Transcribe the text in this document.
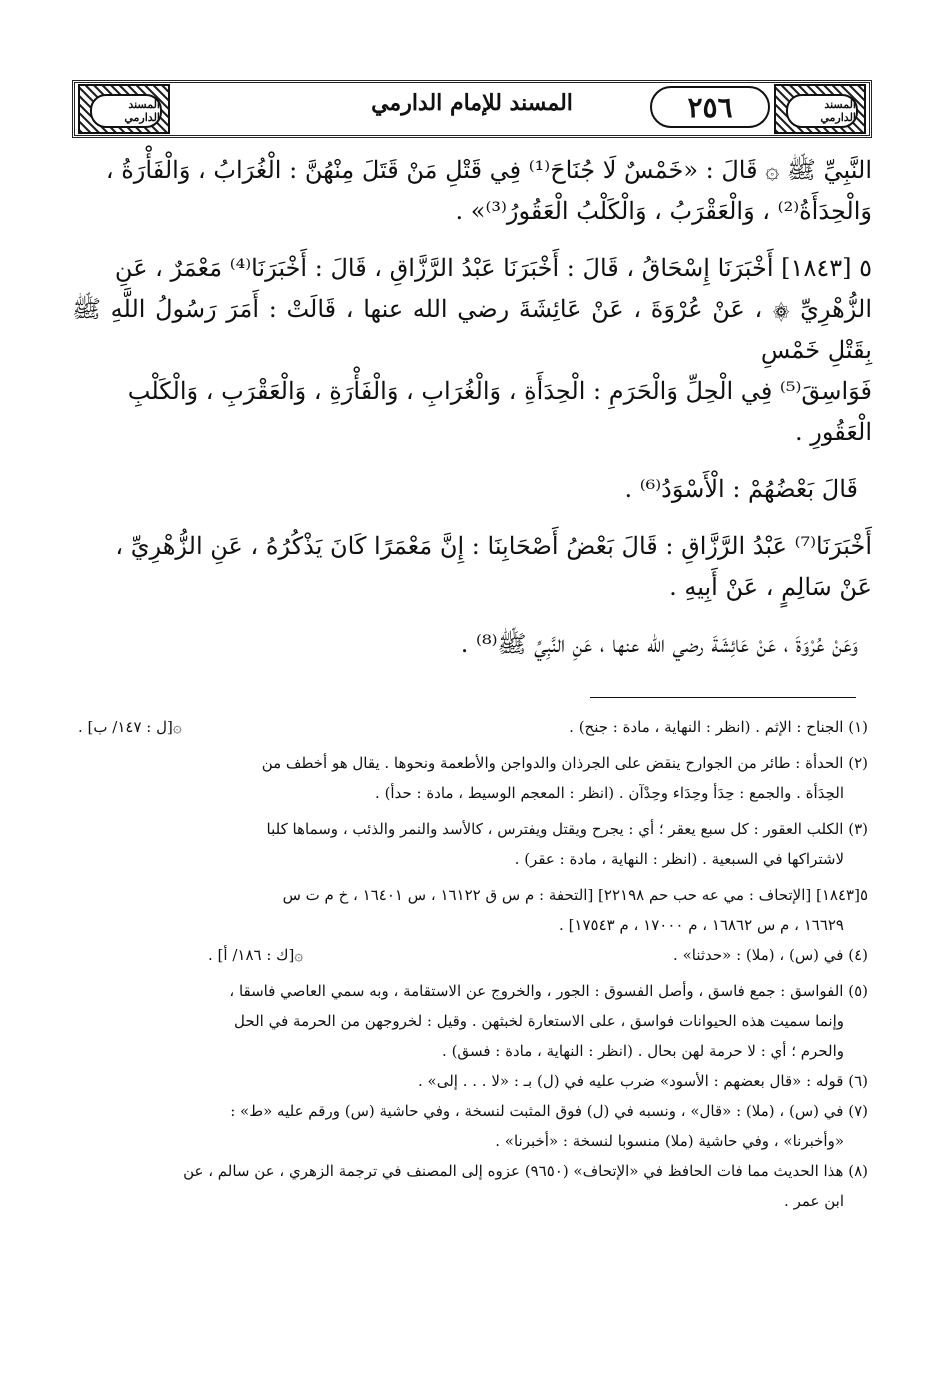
المسند الدارمي
المسند الدارمي
٢٥٦
المسند للإمام الدارمي

النَّبِيِّ ﷺ ۞ قَالَ : «خَمْسٌ لَا جُنَاحَ⁽¹⁾ فِي قَتْلِ مَنْ قَتَلَ مِنْهُنَّ : الْغُرَابُ ، وَالْفَأْرَةُ ،

وَالْحِدَأَةُ⁽²⁾ ، وَالْعَقْرَبُ ، وَالْكَلْبُ الْعَقُورُ⁽³⁾» .

٥ [١٨٤٣] أَخْبَرَنَا إِسْحَاقُ ، قَالَ : أَخْبَرَنَا عَبْدُ الرَّزَّاقِ ، قَالَ : أَخْبَرَنَا⁽⁴⁾ مَعْمَرٌ ، عَنِ

الزُّهْرِيِّ ۞ ، عَنْ عُرْوَةَ ، عَنْ عَائِشَةَ رضي الله عنها ، قَالَتْ : أَمَرَ رَسُولُ اللَّهِ ﷺ بِقَتْلِ خَمْسِ

فَوَاسِقَ⁽⁵⁾ فِي الْحِلِّ وَالْحَرَمِ : الْحِدَأَةِ ، وَالْغُرَابِ ، وَالْفَأْرَةِ ، وَالْعَقْرَبِ ، وَالْكَلْبِ

الْعَقُورِ .

قَالَ بَعْضُهُمْ : الْأَسْوَدُ⁽⁶⁾ .

أَخْبَرَنَا⁽⁷⁾ عَبْدُ الرَّزَّاقِ : قَالَ بَعْضُ أَصْحَابِنَا : إِنَّ مَعْمَرًا كَانَ يَذْكُرُهُ ، عَنِ الزُّهْرِيِّ ،

عَنْ سَالِمٍ ، عَنْ أَبِيهِ .

وَعَنْ عُرْوَةَ ، عَنْ عَائِشَةَ رضي الله عنها ، عَنِ النَّبِيِّ ﷺ⁽⁸⁾ .

(١) الجناح : الإثم . (انظر : النهاية ، مادة : جنح) .
۞[ل : ١٤٧/ ب] .

(٢) الحدأة : طائر من الجوارح ينقض على الجرذان والدواجن والأطعمة ونحوها . يقال هو أخطف من

الحِدَأة . والجمع : حِدَأ وحِدَاء وحِدْآن . (انظر : المعجم الوسيط ، مادة : حدأ) .

(٣) الكلب العقور : كل سبع يعقر ؛ أي : يجرح ويقتل ويفترس ، كالأسد والنمر والذئب ، وسماها كلبا

لاشتراكها في السبعية . (انظر : النهاية ، مادة : عقر) .

٥[١٨٤٣] [الإتحاف : مي عه حب حم ٢٢١٩٨] [التحفة : م س ق ١٦١٢٢ ، س ١٦٤٠١ ، خ م ت س

١٦٦٢٩ ، م س ١٦٨٦٢ ، م ١٧٠٠٠ ، م ١٧٥٤٣] .

(٤) في (س) ، (ملا) : «حدثنا» .
۞[ك : ١٨٦/ أ] .

(٥) الفواسق : جمع فاسق ، وأصل الفسوق : الجور ، والخروج عن الاستقامة ، وبه سمي العاصي فاسقا ،

وإنما سميت هذه الحيوانات فواسق ، على الاستعارة لخبثهن . وقيل : لخروجهن من الحرمة في الحل

والحرم ؛ أي : لا حرمة لهن بحال . (انظر : النهاية ، مادة : فسق) .

(٦) قوله : «قال بعضهم : الأسود» ضرب عليه في (ل) بـ : «لا . . . إلى» .

(٧) في (س) ، (ملا) : «قال» ، ونسبه في (ل) فوق المثبت لنسخة ، وفي حاشية (س) ورقم عليه «ط» :

«وأخبرنا» ، وفي حاشية (ملا) منسوبا لنسخة : «أخبرنا» .

(٨) هذا الحديث مما فات الحافظ في «الإتحاف» (٩٦٥٠) عزوه إلى المصنف في ترجمة الزهري ، عن سالم ، عن

ابن عمر .
